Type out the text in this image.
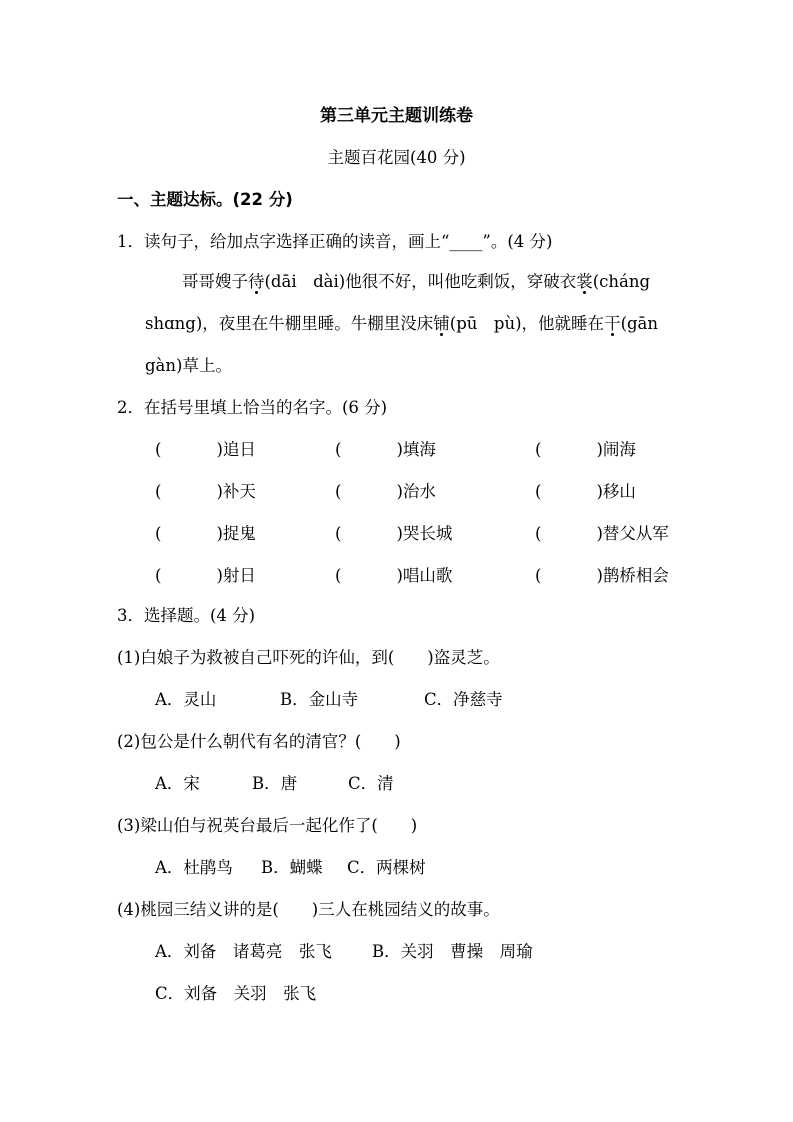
第三单元主题训练卷
主题百花园(40 分)
一、主题达标。(22 分)
1．读句子，给加点字选择正确的读音，画上“____”。(4 分)
哥哥嫂子待(dāi　dài)他很不好，叫他吃剩饭，穿破衣裳(cháng
shɑng)，夜里在牛棚里睡。牛棚里没床铺(pū　pù)，他就睡在干(gān
gàn)草上。
2．在括号里填上恰当的名字。(6 分)
(	)追日	(	)填海	(	)闹海
(	)补天	(	)治水	(	)移山
(	)捉鬼	(	)哭长城	(	)替父从军
(	)射日	(	)唱山歌	(	)鹊桥相会
3．选择题。(4 分)
(1)白娘子为救被自己吓死的许仙，到(　　)盗灵芝。
A．灵山	B．金山寺	C．净慈寺
(2)包公是什么朝代有名的清官？(　　)
A．宋	B．唐	C．清
(3)梁山伯与祝英台最后一起化作了(　　)
A．杜鹃鸟 B．蝴蝶 C．两棵树
(4)桃园三结义讲的是(　　)三人在桃园结义的故事。
A．刘备　诸葛亮　张飞 B．关羽　曹操　周瑜
C．刘备　关羽　张飞
